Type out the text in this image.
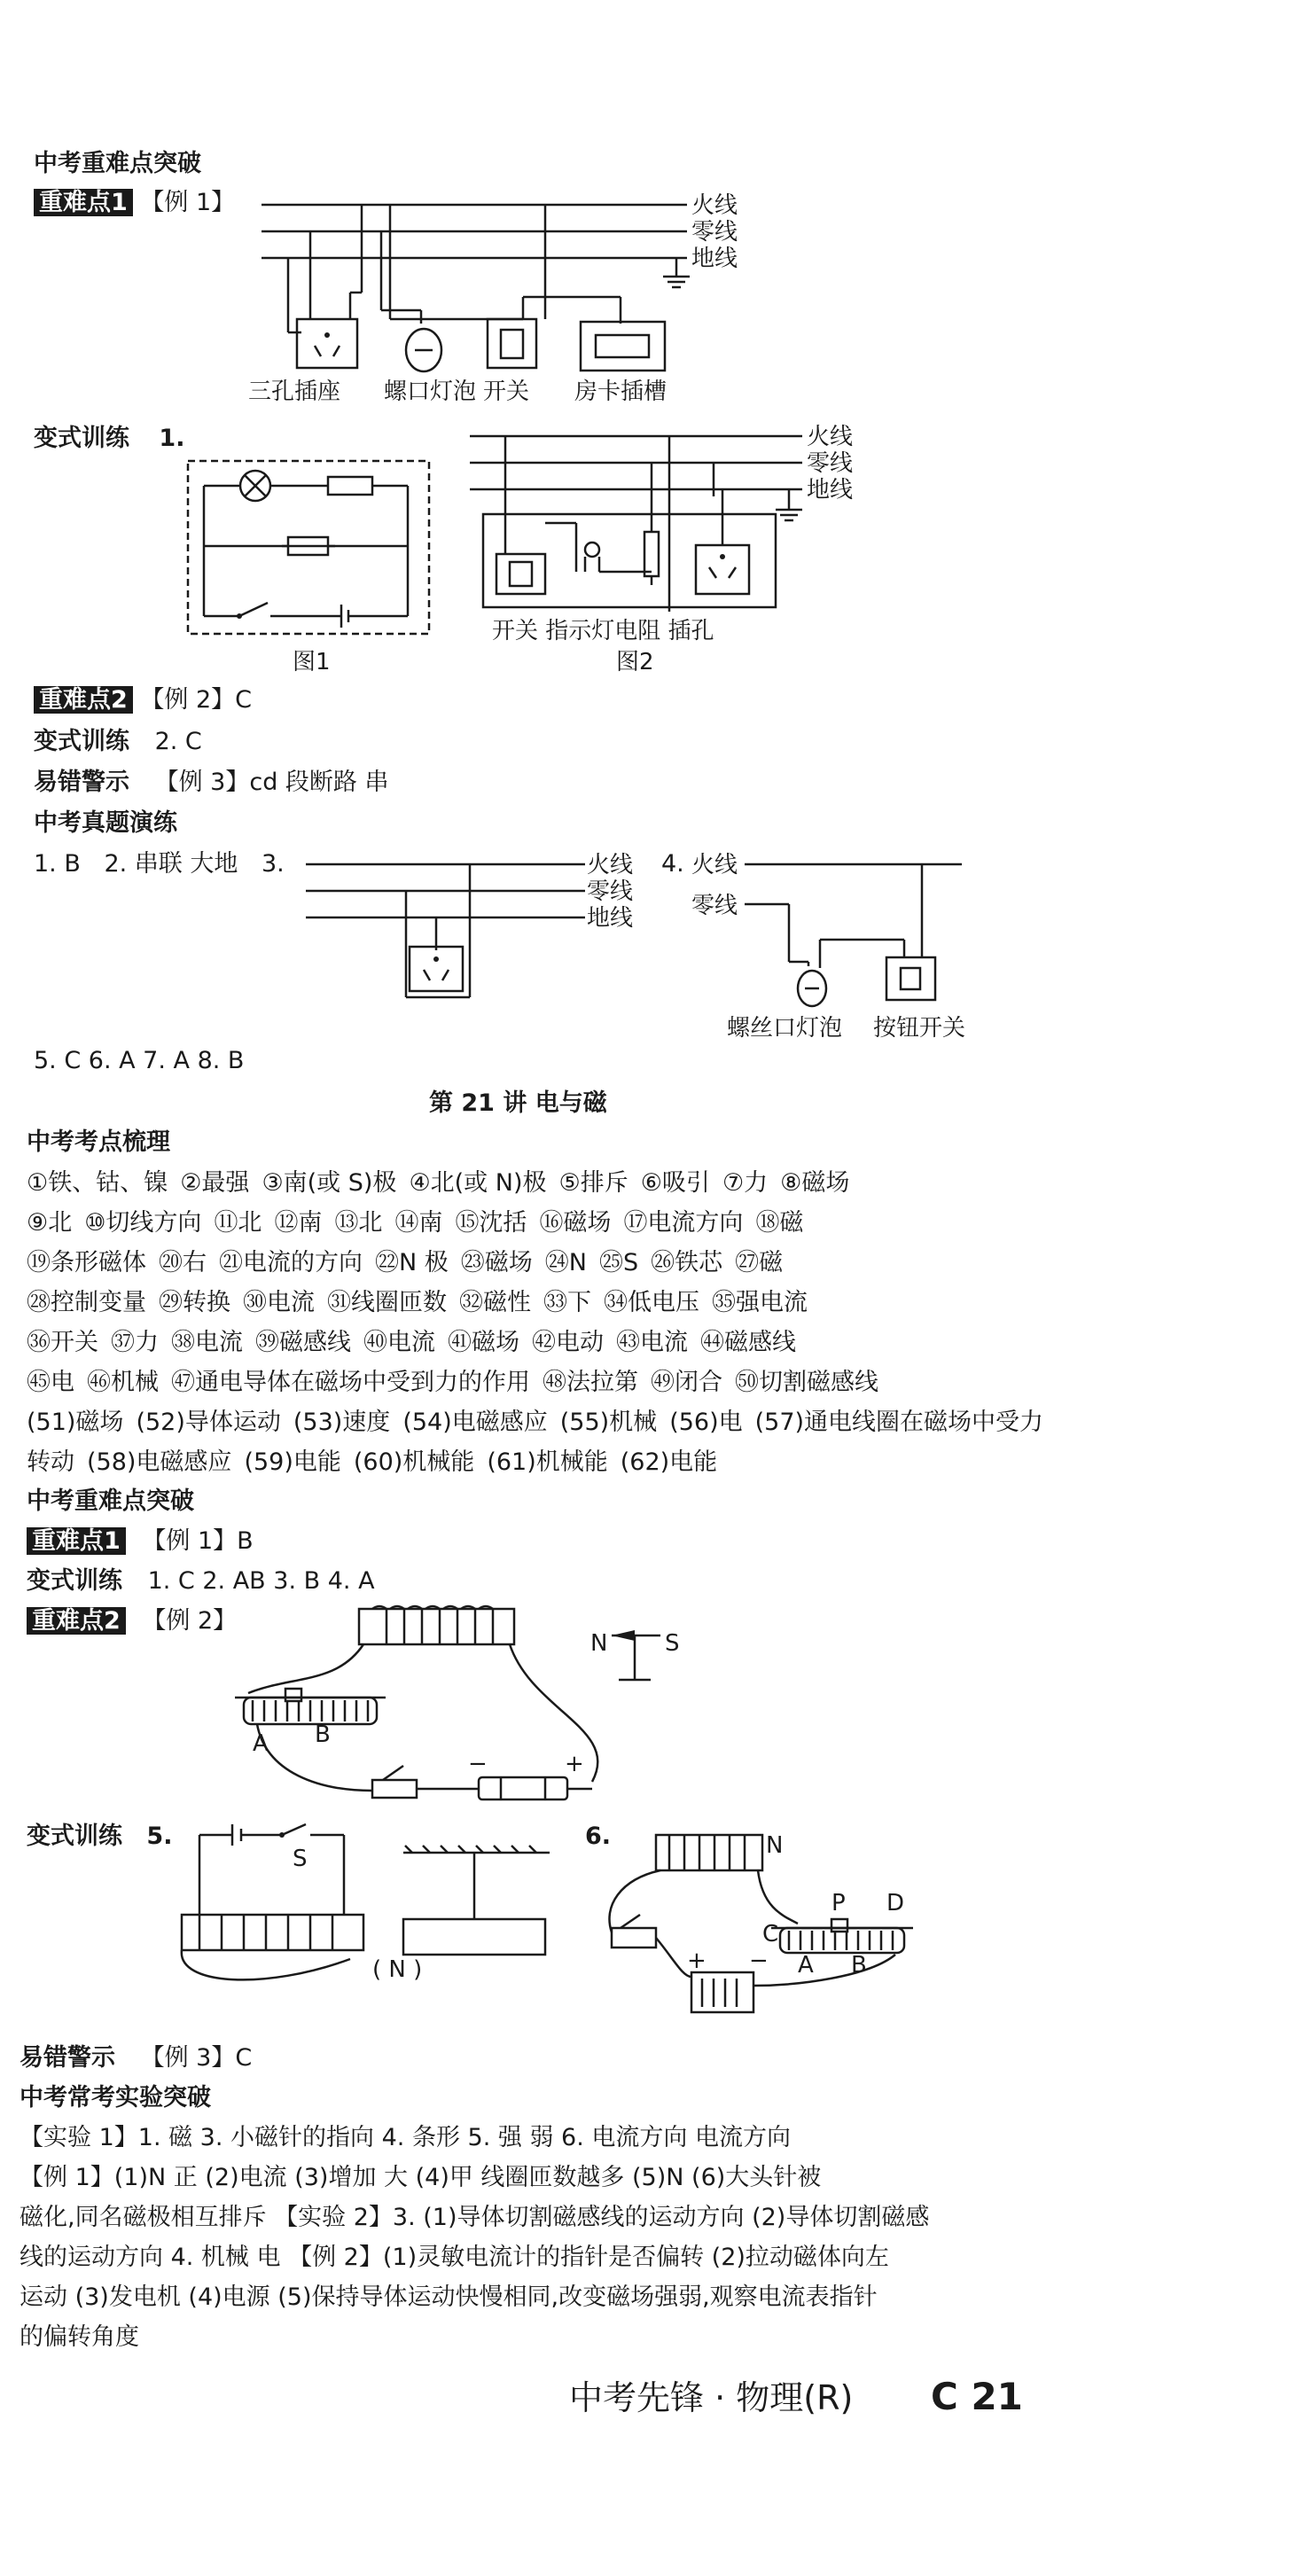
中考重难点突破
重难点1 【例 1】	火线
零线
地线
三孔插座 螺口灯泡 开关 房卡插槽
变式训练 1.
图1
火线
零线
地线
开关 指示灯电阻 插孔
图2
重难点2 【例 2】C
变式训练 2. C
易错警示 【例 3】cd 段断路 串
中考真题演练
1. B 2. 串联 大地 3.	4.
火线
零线
地线
火线
零线
螺丝口灯泡 按钮开关
5. C 6. A 7. A 8. B
第 21 讲 电与磁
中考考点梳理
①铁、钴、镍 ②最强 ③南(或 S)极 ④北(或 N)极 ⑤排斥 ⑥吸引 ⑦力 ⑧磁场
⑨北 ⑩切线方向 ⑪北 ⑫南 ⑬北 ⑭南 ⑮沈括 ⑯磁场 ⑰电流方向 ⑱磁
⑲条形磁体 ⑳右 ㉑电流的方向 ㉒N 极 ㉓磁场 ㉔N ㉕S ㉖铁芯 ㉗磁
㉘控制变量 ㉙转换 ㉚电流 ㉛线圈匝数 ㉜磁性 ㉝下 ㉞低电压 ㉟强电流
㊱开关 ㊲力 ㊳电流 ㊴磁感线 ㊵电流 ㊶磁场 ㊷电动 ㊸电流 ㊹磁感线
㊺电 ㊻机械 ㊼通电导体在磁场中受到力的作用 ㊽法拉第 ㊾闭合 ㊿切割磁感线
(51)磁场 (52)导体运动 (53)速度 (54)电磁感应 (55)机械 (56)电 (57)通电线圈在磁场中受力
转动 (58)电磁感应 (59)电能 (60)机械能 (61)机械能 (62)电能
中考重难点突破
重难点1 【例 1】B
变式训练 1. C 2. AB 3. B 4. A
重难点2 【例 2】
A B
−	+
N S
变式训练 5.	6.
S
( N )
N
P
C
D
A B
+ −
易错警示 【例 3】C
中考常考实验突破
【实验 1】1. 磁 3. 小磁针的指向 4. 条形 5. 强 弱 6. 电流方向 电流方向
【例 1】(1)N 正 (2)电流 (3)增加 大 (4)甲 线圈匝数越多 (5)N (6)大头针被
磁化,同名磁极相互排斥 【实验 2】3. (1)导体切割磁感线的运动方向 (2)导体切割磁感
线的运动方向 4. 机械 电 【例 2】(1)灵敏电流计的指针是否偏转 (2)拉动磁体向左
运动 (3)发电机 (4)电源 (5)保持导体运动快慢相同,改变磁场强弱,观察电流表指针
的偏转角度
中考先锋 · 物理(R) C 21
